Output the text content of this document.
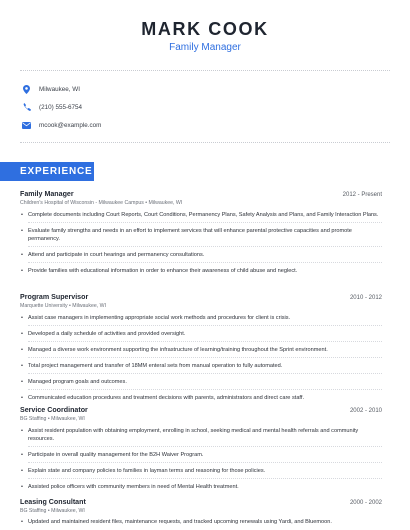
MARK COOK
Family Manager
Milwaukee, WI
(210) 555-6754
mcook@example.com
EXPERIENCE
Family Manager	2012 - Present
Children's Hospital of Wisconsin - Milwaukee Campus • Milwaukee, WI
• Complete documents including Court Reports, Court Conditions, Permanency Plans, Safety Analysis and Plans, and Family Interaction Plans.
• Evaluate family strengths and needs in an effort to implement services that will enhance parental protective capacities and promote permanency.
• Attend and participate in court hearings and permanency consultations.
• Provide families with educational information in order to enhance their awareness of child abuse and neglect.
Program Supervisor	2010 - 2012
Marquette University • Milwaukee, WI
• Assist case managers in implementing appropriate social work methods and procedures for client is crisis.
• Developed a daily schedule of activities and provided oversight.
• Managed a diverse work environment supporting the infrastructure of learning/training throughout the Sprint environment.
• Total project management and transfer of 18MM enteral sets from manual operation to fully automated.
• Managed program goals and outcomes.
• Communicated education procedures and treatment decisions with parents, administrators and direct care staff.
Service Coordinator	2002 - 2010
BG Staffing • Milwaukee, WI
• Assist resident population with obtaining employment, enrolling in school, seeking medical and mental health referrals and community resources.
• Participate in overall quality management for the B2H Waiver Program.
• Explain state and company policies to families in layman terms and reasoning for those policies.
• Assisted police officers with community members in need of Mental Health treatment.
Leasing Consultant	2000 - 2002
BG Staffing • Milwaukee, WI
• Updated and maintained resident files, maintenance requests, and tracked upcoming renewals using Yardi, and Bluemoon.
